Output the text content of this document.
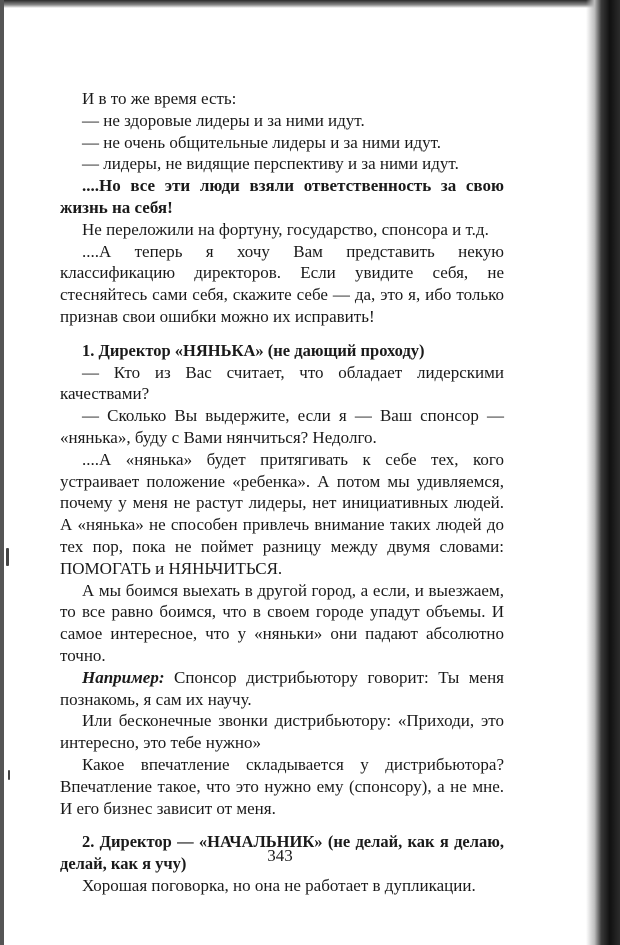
И в то же время есть:

— не здоровые лидеры и за ними идут.

— не очень общительные лидеры и за ними идут.

— лидеры, не видящие перспективу и за ними идут.

....Но все эти люди взяли ответственность за свою жизнь на себя!

Не переложили на фортуну, государство, спонсора и т.д.

....А теперь я хочу Вам представить некую классификацию директоров. Если увидите себя, не стесняйтесь сами себя, скажите себе — да, это я, ибо только признав свои ошибки можно их исправить!

1. Директор «НЯНЬКА» (не дающий проходу)

— Кто из Вас считает, что обладает лидерскими качествами?

— Сколько Вы выдержите, если я — Ваш спонсор — «нянька», буду с Вами нянчиться? Недолго.

....А «нянька» будет притягивать к себе тех, кого устраивает положение «ребенка». А потом мы удивляемся, почему у меня не растут лидеры, нет инициативных людей. А «нянька» не способен привлечь внимание таких людей до тех пор, пока не поймет разницу между двумя словами: ПОМОГАТЬ и НЯНЬЧИТЬСЯ.

А мы боимся выехать в другой город, а если, и выезжаем, то все равно боимся, что в своем городе упадут объемы. И самое интересное, что у «няньки» они падают абсолютно точно.

Например: Спонсор дистрибьютору говорит: Ты меня познакомь, я сам их научу.

Или бесконечные звонки дистрибьютору: «Приходи, это интересно, это тебе нужно»

Какое впечатление складывается у дистрибьютора? Впечатление такое, что это нужно ему (спонсору), а не мне. И его бизнес зависит от меня.

2. Директор — «НАЧАЛЬНИК» (не делай, как я делаю, делай, как я учу)

Хорошая поговорка, но она не работает в дупликации.

343
